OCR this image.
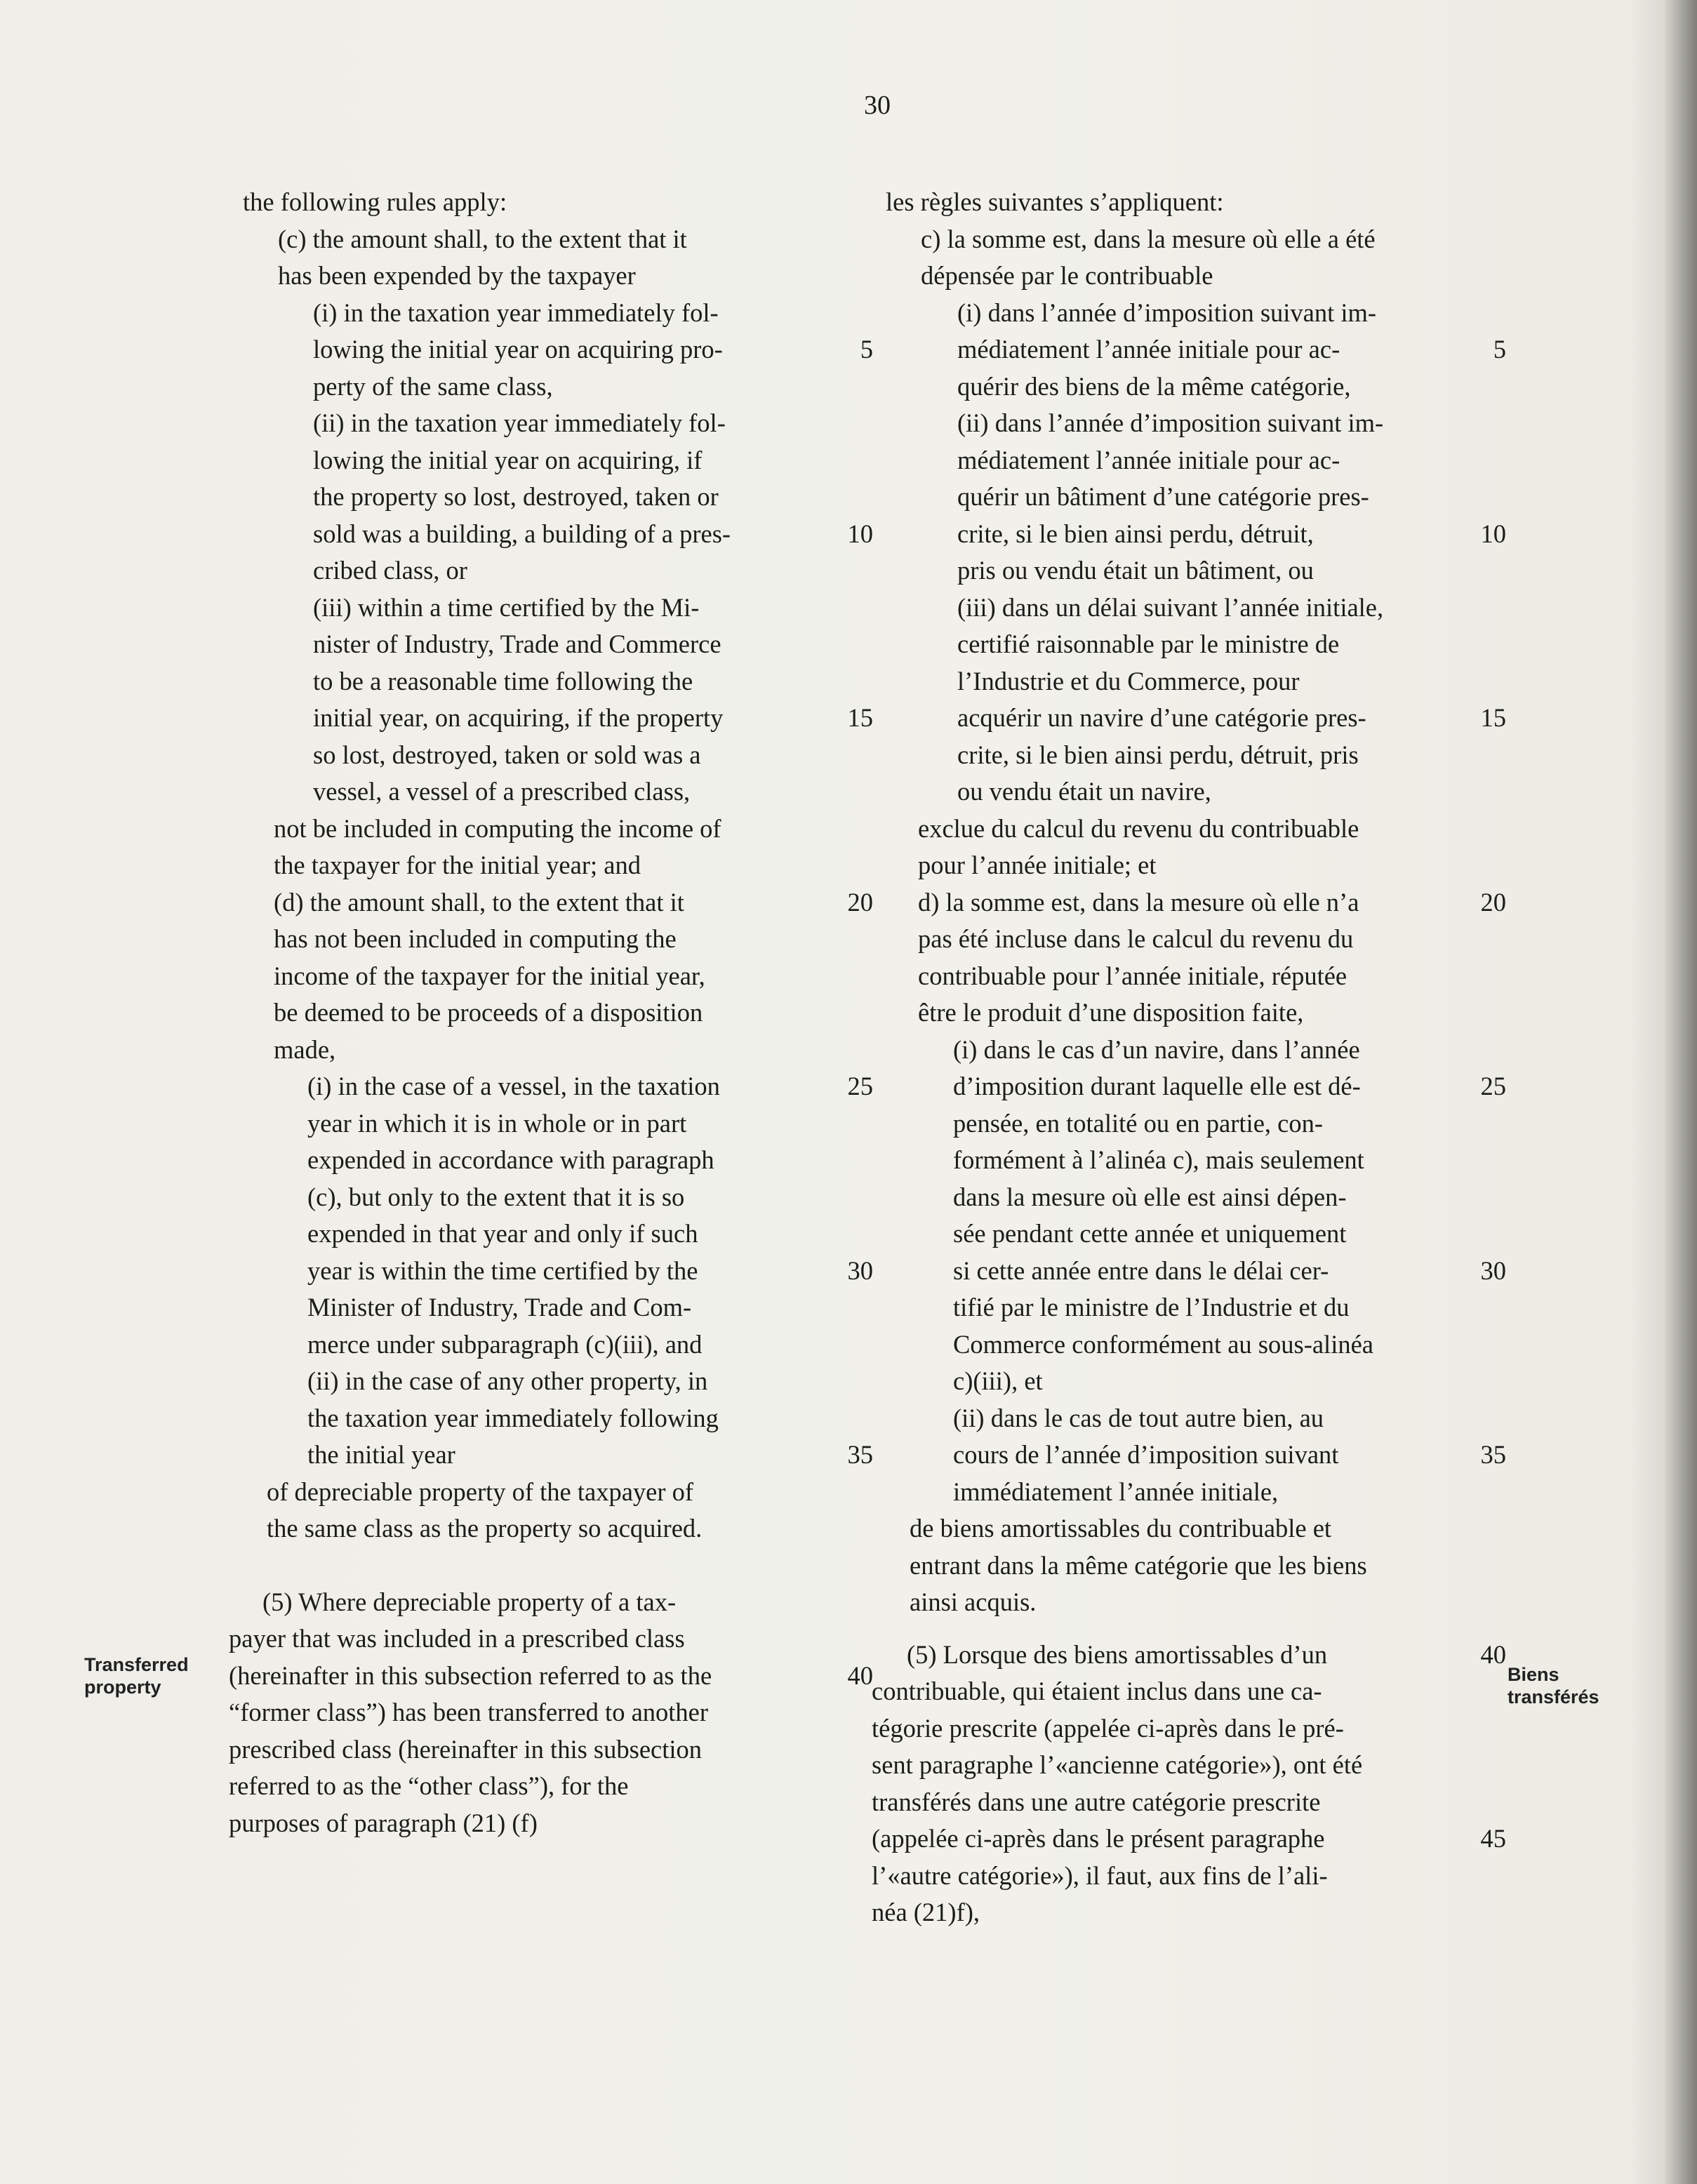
30
the following rules apply:
(c) the amount shall, to the extent that it
has been expended by the taxpayer
(i) in the taxation year immediately fol-
lowing the initial year on acquiring pro-	5
perty of the same class,
(ii) in the taxation year immediately fol-
lowing the initial year on acquiring, if
the property so lost, destroyed, taken or
sold was a building, a building of a pres-	10
cribed class, or
(iii) within a time certified by the Mi-
nister of Industry, Trade and Commerce
to be a reasonable time following the
initial year, on acquiring, if the property	15
so lost, destroyed, taken or sold was a
vessel, a vessel of a prescribed class,
not be included in computing the income of
the taxpayer for the initial year; and
(d) the amount shall, to the extent that it	20
has not been included in computing the
income of the taxpayer for the initial year,
be deemed to be proceeds of a disposition
made,
(i) in the case of a vessel, in the taxation	25
year in which it is in whole or in part
expended in accordance with paragraph
(c), but only to the extent that it is so
expended in that year and only if such
year is within the time certified by the	30
Minister of Industry, Trade and Com-
merce under subparagraph (c)(iii), and
(ii) in the case of any other property, in
the taxation year immediately following
the initial year	35
of depreciable property of the taxpayer of
the same class as the property so acquired.
(5) Where depreciable property of a tax-
payer that was included in a prescribed class
(hereinafter in this subsection referred to as the	40
“former class”) has been transferred to another
prescribed class (hereinafter in this subsection
referred to as the “other class”), for the
purposes of paragraph (21) (f)
les règles suivantes s’appliquent:
c) la somme est, dans la mesure où elle a été
dépensée par le contribuable
(i) dans l’année d’imposition suivant im-
médiatement l’année initiale pour ac-	5
quérir des biens de la même catégorie,
(ii) dans l’année d’imposition suivant im-
médiatement l’année initiale pour ac-
quérir un bâtiment d’une catégorie pres-
crite, si le bien ainsi perdu, détruit,	10
pris ou vendu était un bâtiment, ou
(iii) dans un délai suivant l’année initiale,
certifié raisonnable par le ministre de
l’Industrie et du Commerce, pour
acquérir un navire d’une catégorie pres-	15
crite, si le bien ainsi perdu, détruit, pris
ou vendu était un navire,
exclue du calcul du revenu du contribuable
pour l’année initiale; et
d) la somme est, dans la mesure où elle n’a	20
pas été incluse dans le calcul du revenu du
contribuable pour l’année initiale, réputée
être le produit d’une disposition faite,
(i) dans le cas d’un navire, dans l’année
d’imposition durant laquelle elle est dé-	25
pensée, en totalité ou en partie, con-
formément à l’alinéa c), mais seulement
dans la mesure où elle est ainsi dépen-
sée pendant cette année et uniquement
si cette année entre dans le délai cer-	30
tifié par le ministre de l’Industrie et du
Commerce conformément au sous-alinéa
c)(iii), et
(ii) dans le cas de tout autre bien, au
cours de l’année d’imposition suivant	35
immédiatement l’année initiale,
de biens amortissables du contribuable et
entrant dans la même catégorie que les biens
ainsi acquis.
(5) Lorsque des biens amortissables d’un	40
contribuable, qui étaient inclus dans une ca-
tégorie prescrite (appelée ci-après dans le pré-
sent paragraphe l’«ancienne catégorie»), ont été
transférés dans une autre catégorie prescrite
(appelée ci-après dans le présent paragraphe	45
l’«autre catégorie»), il faut, aux fins de l’ali-
néa (21)f),
Transferred property
Biens transférés
